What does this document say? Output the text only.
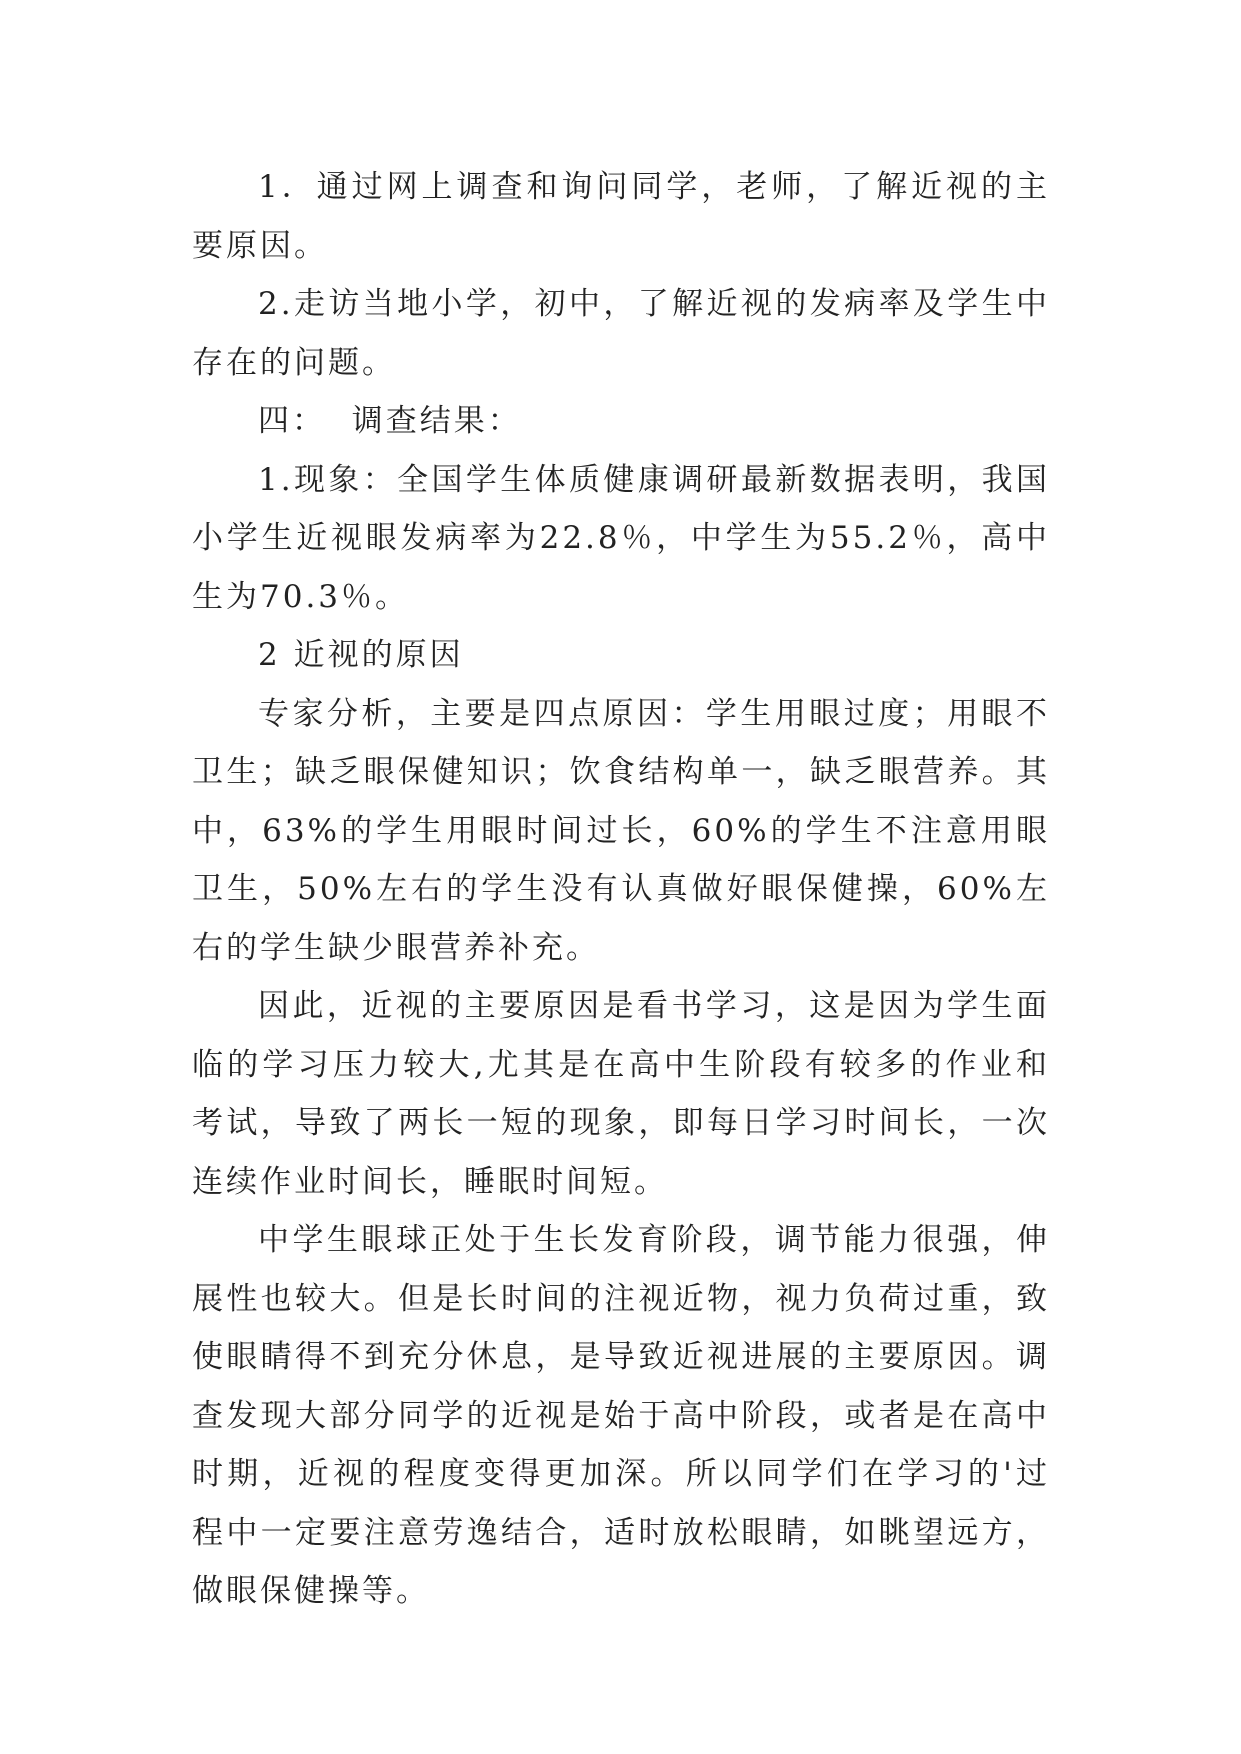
1．通过网上调查和询问同学，老师，了解近视的主要原因。

2.走访当地小学，初中，了解近视的发病率及学生中存在的问题。

四：  调查结果：

1.现象：全国学生体质健康调研最新数据表明，我国小学生近视眼发病率为22.8％，中学生为55.2％，高中生为70.3％。

2 近视的原因

专家分析，主要是四点原因：学生用眼过度；用眼不卫生；缺乏眼保健知识；饮食结构单一，缺乏眼营养。其中，63%的学生用眼时间过长，60%的学生不注意用眼卫生，50%左右的学生没有认真做好眼保健操，60%左右的学生缺少眼营养补充。

因此，近视的主要原因是看书学习，这是因为学生面临的学习压力较大,尤其是在高中生阶段有较多的作业和考试，导致了两长一短的现象，即每日学习时间长，一次连续作业时间长，睡眠时间短。

中学生眼球正处于生长发育阶段，调节能力很强，伸展性也较大。但是长时间的注视近物，视力负荷过重，致使眼睛得不到充分休息，是导致近视进展的主要原因。调查发现大部分同学的近视是始于高中阶段，或者是在高中时期，近视的程度变得更加深。所以同学们在学习的'过程中一定要注意劳逸结合，适时放松眼睛，如眺望远方，做眼保健操等。
